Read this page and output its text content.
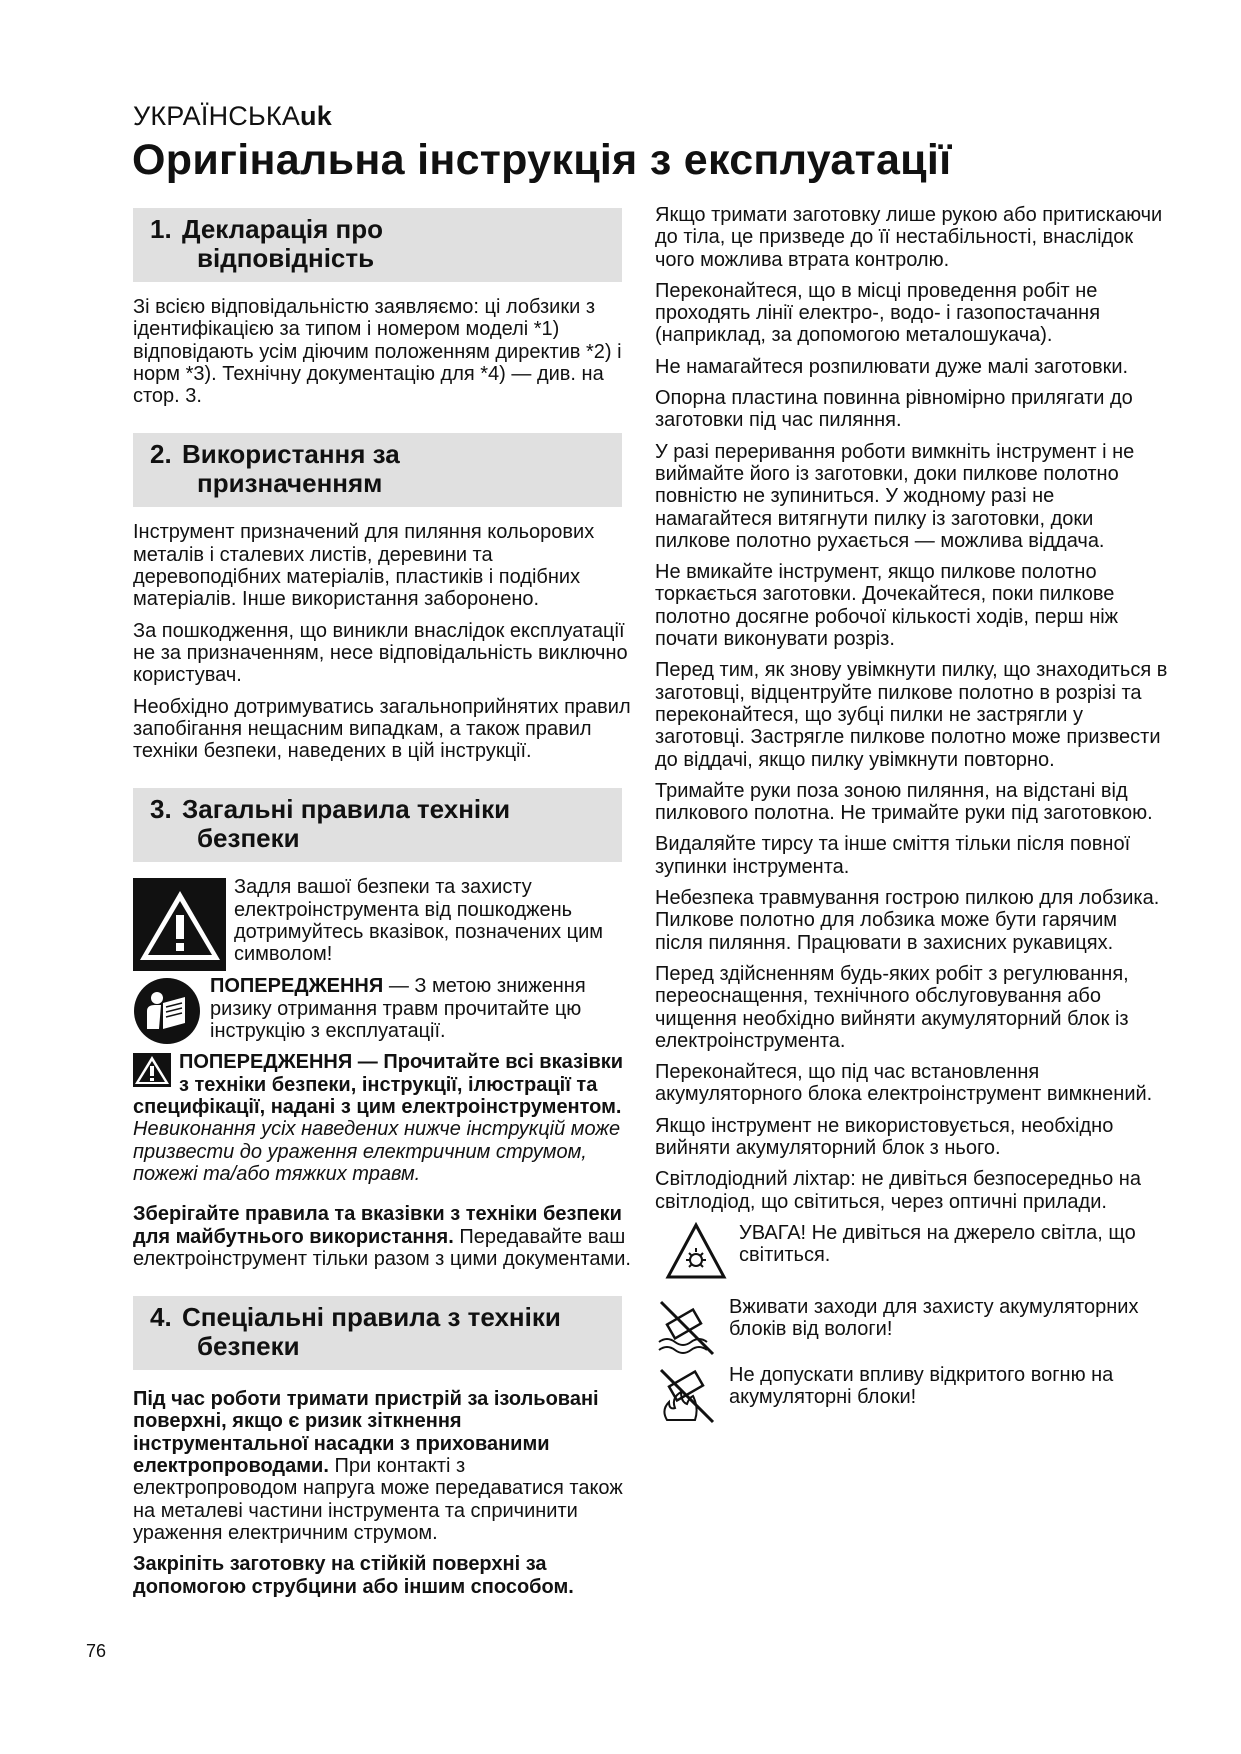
УКРАЇНСЬКАuk
Оригінальна інструкція з експлуатації
1. Декларація про
відповідність

Зі всією відповідальністю заявляємо: ці лобзики з ідентифікацією за типом і номером моделі *1) відповідають усім діючим положенням директив *2) і норм *3). Технічну документацію для *4) — див. на стор. 3.

2. Використання за
призначенням

Інструмент призначений для пиляння кольорових металів і сталевих листів, деревини та деревоподібних матеріалів, пластиків і подібних матеріалів. Інше використання заборонено.

За пошкодження, що виникли внаслідок експлуатації не за призначенням, несе відповідальність виключно користувач.

Необхідно дотримуватись загальноприйнятих правил запобігання нещасним випадкам, а також правил техніки безпеки, наведених в цій інструкції.

3. Загальні правила техніки
безпеки
Задля вашої безпеки та захисту електроінструмента від пошкоджень дотримуйтесь вказівок, позначених цим символом!
ПОПЕРЕДЖЕННЯ — З метою зниження ризику отримання травм прочитайте цю інструкцію з експлуатації.

ПОПЕРЕДЖЕННЯ — Прочитайте всі вказівки з техніки безпеки, інструкції, ілюстрації та специфікації, надані з цим електроінструментом. Невиконання усіх наведених нижче інструкцій може призвести до ураження електричним струмом, пожежі та/або тяжких травм.

Зберігайте правила та вказівки з техніки безпеки для майбутнього використання. Передавайте ваш електроінструмент тільки разом з цими документами.

4. Спеціальні правила з техніки
безпеки

Під час роботи тримати пристрій за ізольовані поверхні, якщо є ризик зіткнення інструментальної насадки з прихованими електропроводами. При контакті з електропроводом напруга може передаватися також на металеві частини інструмента та спричинити ураження електричним струмом.

Закріпіть заготовку на стійкій поверхні за допомогою струбцини або іншим способом.

Якщо тримати заготовку лише рукою або притискаючи до тіла, це призведе до її нестабільності, внаслідок чого можлива втрата контролю.

Переконайтеся, що в місці проведення робіт не проходять лінії електро-, водо- і газопостачання (наприклад, за допомогою металошукача).

Не намагайтеся розпилювати дуже малі заготовки.

Опорна пластина повинна рівномірно прилягати до заготовки під час пиляння.

У разі переривання роботи вимкніть інструмент і не виймайте його із заготовки, доки пилкове полотно повністю не зупиниться. У жодному разі не намагайтеся витягнути пилку із заготовки, доки пилкове полотно рухається — можлива віддача.

Не вмикайте інструмент, якщо пилкове полотно торкається заготовки. Дочекайтеся, поки пилкове полотно досягне робочої кількості ходів, перш ніж почати виконувати розріз.

Перед тим, як знову увімкнути пилку, що знаходиться в заготовці, відцентруйте пилкове полотно в розрізі та переконайтеся, що зубці пилки не застрягли у заготовці. Застрягле пилкове полотно може призвести до віддачі, якщо пилку увімкнути повторно.

Тримайте руки поза зоною пиляння, на відстані від пилкового полотна. Не тримайте руки під заготовкою.

Видаляйте тирсу та інше сміття тільки після повної зупинки інструмента.

Небезпека травмування гострою пилкою для лобзика. Пилкове полотно для лобзика може бути гарячим після пиляння. Працювати в захисних рукавицях.

Перед здійсненням будь-яких робіт з регулювання, переоснащення, технічного обслуговування або чищення необхідно вийняти акумуляторний блок із електроінструмента.

Переконайтеся, що під час встановлення акумуляторного блока електроінструмент вимкнений.

Якщо інструмент не використовується, необхідно вийняти акумуляторний блок з нього.

Світлодіодний ліхтар: не дивіться безпосередньо на світлодіод, що світиться, через оптичні прилади.

УВАГА! Не дивіться на джерело світла, що світиться.
Вживати заходи для захисту акумуляторних блоків від вологи!
Не допускати впливу відкритого вогню на акумуляторні блоки!
76
